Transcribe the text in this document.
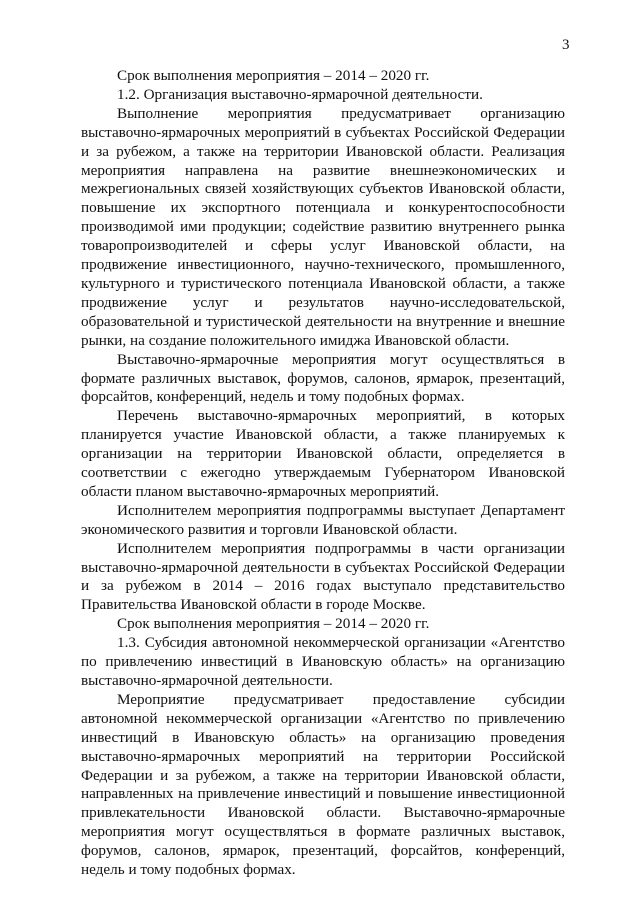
3

Срок выполнения мероприятия – 2014 – 2020 гг.

1.2. Организация выставочно-ярмарочной деятельности.

Выполнение мероприятия предусматривает организацию выставочно-ярмарочных мероприятий в субъектах Российской Федерации и за рубежом, а также на территории Ивановской области. Реализация мероприятия направлена на развитие внешнеэкономических и межрегиональных связей хозяйствующих субъектов Ивановской области, повышение их экспортного потенциала и конкурентоспособности производимой ими продукции; содействие развитию внутреннего рынка товаропроизводителей и сферы услуг Ивановской области, на продвижение инвестиционного, научно-технического, промышленного, культурного и туристического потенциала Ивановской области, а также продвижение услуг и результатов научно-исследовательской, образовательной и туристической деятельности на внутренние и внешние рынки, на создание положительного имиджа Ивановской области.

Выставочно-ярмарочные мероприятия могут осуществляться в формате различных выставок, форумов, салонов, ярмарок, презентаций, форсайтов, конференций, недель и тому подобных формах.

Перечень выставочно-ярмарочных мероприятий, в которых планируется участие Ивановской области, а также планируемых к организации на территории Ивановской области, определяется в соответствии с ежегодно утверждаемым Губернатором Ивановской области планом выставочно-ярмарочных мероприятий.

Исполнителем мероприятия подпрограммы выступает Департамент экономического развития и торговли Ивановской области.

Исполнителем мероприятия подпрограммы в части организации выставочно-ярмарочной деятельности в субъектах Российской Федерации и за рубежом в 2014 – 2016 годах выступало представительство Правительства Ивановской области в городе Москве.

Срок выполнения мероприятия – 2014 – 2020 гг.

1.3. Субсидия автономной некоммерческой организации «Агентство по привлечению инвестиций в Ивановскую область» на организацию выставочно-ярмарочной деятельности.

Мероприятие предусматривает предоставление субсидии автономной некоммерческой организации «Агентство по привлечению инвестиций в Ивановскую область» на организацию проведения выставочно-ярмарочных мероприятий на территории Российской Федерации и за рубежом, а также на территории Ивановской области, направленных на привлечение инвестиций и повышение инвестиционной привлекательности Ивановской области. Выставочно-ярмарочные мероприятия могут осуществляться в формате различных выставок, форумов, салонов, ярмарок, презентаций, форсайтов, конференций, недель и тому подобных формах.
